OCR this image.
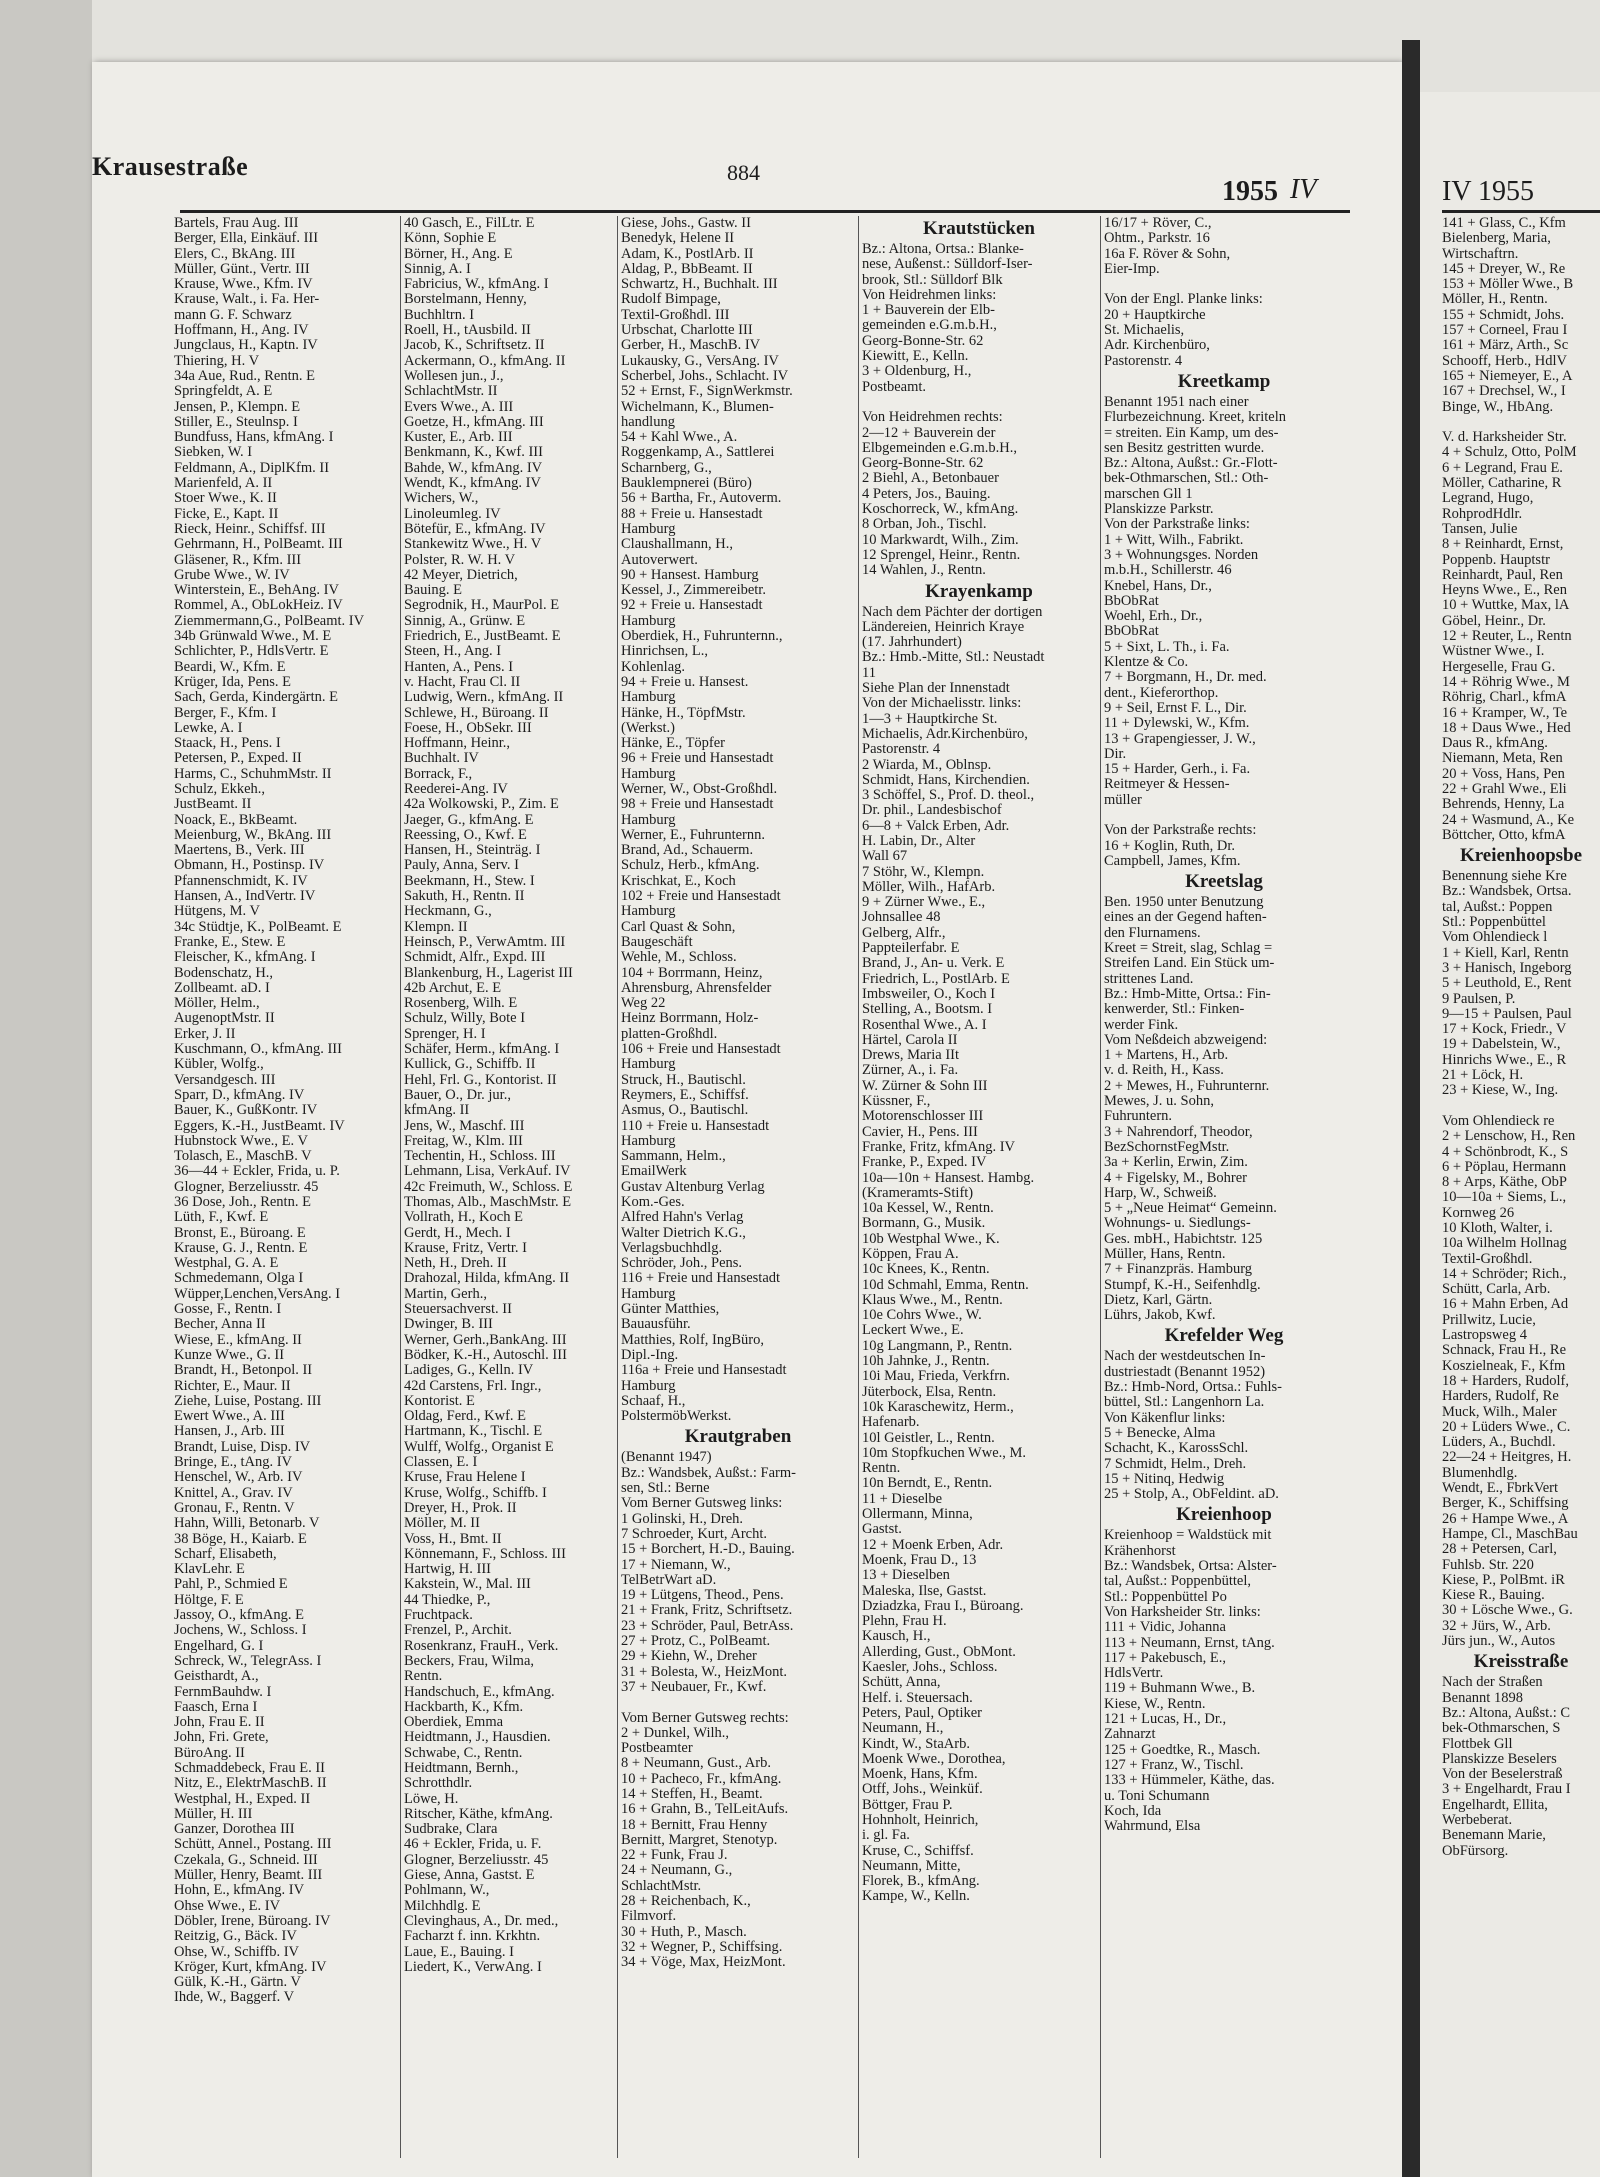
Krausestraße	884
1955 IV	IV 1955
Bartels, Frau Aug. III
Berger, Ella, Einkäuf. III
Elers, C., BkAng. III
Müller, Günt., Vertr. III
Krause, Wwe., Kfm. IV
Krause, Walt., i. Fa. Her-
mann G. F. Schwarz
Hoffmann, H., Ang. IV
Jungclaus, H., Kaptn. IV
Thiering, H. V
34a Aue, Rud., Rentn. E
Springfeldt, A. E
Jensen, P., Klempn. E
Stiller, E., Steulnsp. I
Bundfuss, Hans, kfmAng. I
Siebken, W. I
Feldmann, A., DiplKfm. II
Marienfeld, A. II
Stoer Wwe., K. II
Ficke, E., Kapt. II
Rieck, Heinr., Schiffsf. III
Gehrmann, H., PolBeamt. III
Gläsener, R., Kfm. III
Grube Wwe., W. IV
Winterstein, E., BehAng. IV
Rommel, A., ObLokHeiz. IV
Ziemmermann,G., PolBeamt. IV
34b Grünwald Wwe., M. E
Schlichter, P., HdlsVertr. E
Beardi, W., Kfm. E
Krüger, Ida, Pens. E
Sach, Gerda, Kindergärtn. E
Berger, F., Kfm. I
Lewke, A. I
Staack, H., Pens. I
Petersen, P., Exped. II
Harms, C., SchuhmMstr. II
Schulz, Ekkeh.,
JustBeamt. II
Noack, E., BkBeamt.
Meienburg, W., BkAng. III
Maertens, B., Verk. III
Obmann, H., Postinsp. IV
Pfannenschmidt, K. IV
Hansen, A., IndVertr. IV
Hütgens, M. V
34c Stüdtje, K., PolBeamt. E
Franke, E., Stew. E
Fleischer, K., kfmAng. I
Bodenschatz, H.,
Zollbeamt. aD. I
Möller, Helm.,
AugenoptMstr. II
Erker, J. II
Kuschmann, O., kfmAng. III
Kübler, Wolfg.,
Versandgesch. III
Sparr, D., kfmAng. IV
Bauer, K., GußKontr. IV
Eggers, K.-H., JustBeamt. IV
Hubnstock Wwe., E. V
Tolasch, E., MaschB. V
36—44 + Eckler, Frida, u. P.
Glogner, Berzeliusstr. 45
36 Dose, Joh., Rentn. E
Lüth, F., Kwf. E
Bronst, E., Büroang. E
Krause, G. J., Rentn. E
Westphal, G. A. E
Schmedemann, Olga I
Wüpper,Lenchen,VersAng. I
Gosse, F., Rentn. I
Becher, Anna II
Wiese, E., kfmAng. II
Kunze Wwe., G. II
Brandt, H., Betonpol. II
Richter, E., Maur. II
Ziehe, Luise, Postang. III
Ewert Wwe., A. III
Hansen, J., Arb. III
Brandt, Luise, Disp. IV
Bringe, E., tAng. IV
Henschel, W., Arb. IV
Knittel, A., Grav. IV
Gronau, F., Rentn. V
Hahn, Willi, Betonarb. V
38 Böge, H., Kaiarb. E
Scharf, Elisabeth,
KlavLehr. E
Pahl, P., Schmied E
Höltge, F. E
Jassoy, O., kfmAng. E
Jochens, W., Schloss. I
Engelhard, G. I
Schreck, W., TelegrAss. I
Geisthardt, A.,
FernmBauhdw. I
Faasch, Erna I
John, Frau E. II
John, Fri. Grete,
BüroAng. II
Schmaddebeck, Frau E. II
Nitz, E., ElektrMaschB. II
Westphal, H., Exped. II
Müller, H. III
Ganzer, Dorothea III
Schütt, Annel., Postang. III
Czekala, G., Schneid. III
Müller, Henry, Beamt. III
Hohn, E., kfmAng. IV
Ohse Wwe., E. IV
Döbler, Irene, Büroang. IV
Reitzig, G., Bäck. IV
Ohse, W., Schiffb. IV
Kröger, Kurt, kfmAng. IV
Gülk, K.-H., Gärtn. V
Ihde, W., Baggerf. V
40 Gasch, E., FilLtr. E
Könn, Sophie E
Börner, H., Ang. E
Sinnig, A. I
Fabricius, W., kfmAng. I
Borstelmann, Henny,
Buchhltrn. I
Roell, H., tAusbild. II
Jacob, K., Schriftsetz. II
Ackermann, O., kfmAng. II
Wollesen jun., J.,
SchlachtMstr. II
Evers Wwe., A. III
Goetze, H., kfmAng. III
Kuster, E., Arb. III
Benkmann, K., Kwf. III
Bahde, W., kfmAng. IV
Wendt, K., kfmAng. IV
Wichers, W.,
Linoleumleg. IV
Bötefür, E., kfmAng. IV
Stankewitz Wwe., H. V
Polster, R. W. H. V
42 Meyer, Dietrich,
Bauing. E
Segrodnik, H., MaurPol. E
Sinnig, A., Grünw. E
Friedrich, E., JustBeamt. E
Steen, H., Ang. I
Hanten, A., Pens. I
v. Hacht, Frau Cl. II
Ludwig, Wern., kfmAng. II
Schlewe, H., Büroang. II
Foese, H., ObSekr. III
Hoffmann, Heinr.,
Buchhalt. IV
Borrack, F.,
Reederei-Ang. IV
42a Wolkowski, P., Zim. E
Jaeger, G., kfmAng. E
Reessing, O., Kwf. E
Hansen, H., Steinträg. I
Pauly, Anna, Serv. I
Beekmann, H., Stew. I
Sakuth, H., Rentn. II
Heckmann, G.,
Klempn. II
Heinsch, P., VerwAmtm. III
Schmidt, Alfr., Expd. III
Blankenburg, H., Lagerist III
42b Archut, E. E
Rosenberg, Wilh. E
Schulz, Willy, Bote I
Sprenger, H. I
Schäfer, Herm., kfmAng. I
Kullick, G., Schiffb. II
Hehl, Frl. G., Kontorist. II
Bauer, O., Dr. jur.,
kfmAng. II
Jens, W., Maschf. III
Freitag, W., Klm. III
Techentin, H., Schloss. III
Lehmann, Lisa, VerkAuf. IV
42c Freimuth, W., Schloss. E
Thomas, Alb., MaschMstr. E
Vollrath, H., Koch E
Gerdt, H., Mech. I
Krause, Fritz, Vertr. I
Neth, H., Dreh. II
Drahozal, Hilda, kfmAng. II
Martin, Gerh.,
Steuersachverst. II
Dwinger, B. III
Werner, Gerh.,BankAng. III
Bödker, K.-H., Autoschl. III
Ladiges, G., Kelln. IV
42d Carstens, Frl. Ingr.,
Kontorist. E
Oldag, Ferd., Kwf. E
Hartmann, K., Tischl. E
Wulff, Wolfg., Organist E
Classen, E. I
Kruse, Frau Helene I
Kruse, Wolfg., Schiffb. I
Dreyer, H., Prok. II
Möller, M. II
Voss, H., Bmt. II
Könnemann, F., Schloss. III
Hartwig, H. III
Kakstein, W., Mal. III
44 Thiedke, P.,
Fruchtpack.
Frenzel, P., Archit.
Rosenkranz, FrauH., Verk.
Beckers, Frau, Wilma,
Rentn.
Handschuch, E., kfmAng.
Hackbarth, K., Kfm.
Oberdiek, Emma
Heidtmann, J., Hausdien.
Schwabe, C., Rentn.
Heidtmann, Bernh.,
Schrotthdlr.
Löwe, H.
Ritscher, Käthe, kfmAng.
Sudbrake, Clara
46 + Eckler, Frida, u. F.
Glogner, Berzeliusstr. 45
Giese, Anna, Gastst. E
Pohlmann, W.,
Milchhdlg. E
Clevinghaus, A., Dr. med.,
Facharzt f. inn. Krkhtn.
Laue, E., Bauing. I
Liedert, K., VerwAng. I
Giese, Johs., Gastw. II
Benedyk, Helene II
Adam, K., PostlArb. II
Aldag, P., BbBeamt. II
Schwartz, H., Buchhalt. III
Rudolf Bimpage,
Textil-Großhdl. III
Urbschat, Charlotte III
Gerber, H., MaschB. IV
Lukausky, G., VersAng. IV
Scherbel, Johs., Schlacht. IV
52 + Ernst, F., SignWerkmstr.
Wichelmann, K., Blumen-
handlung
54 + Kahl Wwe., A.
Roggenkamp, A., Sattlerei
Scharnberg, G.,
Bauklempnerei (Büro)
56 + Bartha, Fr., Autoverm.
88 + Freie u. Hansestadt
Hamburg
Claushallmann, H.,
Autoverwert.
90 + Hansest. Hamburg
Kessel, J., Zimmereibetr.
92 + Freie u. Hansestadt
Hamburg
Oberdiek, H., Fuhrunternn.,
Hinrichsen, L.,
Kohlenlag.
94 + Freie u. Hansest.
Hamburg
Hänke, H., TöpfMstr.
(Werkst.)
Hänke, E., Töpfer
96 + Freie und Hansestadt
Hamburg
Werner, W., Obst-Großhdl.
98 + Freie und Hansestadt
Hamburg
Werner, E., Fuhrunternn.
Brand, Ad., Schauerm.
Schulz, Herb., kfmAng.
Krischkat, E., Koch
102 + Freie und Hansestadt
Hamburg
Carl Quast & Sohn,
Baugeschäft
Wehle, M., Schloss.
104 + Borrmann, Heinz,
Ahrensburg, Ahrensfelder
Weg 22
Heinz Borrmann, Holz-
platten-Großhdl.
106 + Freie und Hansestadt
Hamburg
Struck, H., Bautischl.
Reymers, E., Schiffsf.
Asmus, O., Bautischl.
110 + Freie u. Hansestadt
Hamburg
Sammann, Helm.,
EmailWerk
Gustav Altenburg Verlag
Kom.-Ges.
Alfred Hahn's Verlag
Walter Dietrich K.G.,
Verlagsbuchhdlg.
Schröder, Joh., Pens.
116 + Freie und Hansestadt
Hamburg
Günter Matthies,
Bauausführ.
Matthies, Rolf, IngBüro,
Dipl.-Ing.
116a + Freie und Hansestadt
Hamburg
Schaaf, H.,
PolstermöbWerkst.
Krautgraben
(Benannt 1947)
Bz.: Wandsbek, Außst.: Farm-
sen, Stl.: Berne
Vom Berner Gutsweg links:
1 Golinski, H., Dreh.
7 Schroeder, Kurt, Archt.
15 + Borchert, H.-D., Bauing.
17 + Niemann, W.,
TelBetrWart aD.
19 + Lütgens, Theod., Pens.
21 + Frank, Fritz, Schriftsetz.
23 + Schröder, Paul, BetrAss.
27 + Protz, C., PolBeamt.
29 + Kiehn, W., Dreher
31 + Bolesta, W., HeizMont.
37 + Neubauer, Fr., Kwf.
Vom Berner Gutsweg rechts:
2 + Dunkel, Wilh.,
Postbeamter
8 + Neumann, Gust., Arb.
10 + Pacheco, Fr., kfmAng.
14 + Steffen, H., Beamt.
16 + Grahn, B., TelLeitAufs.
18 + Bernitt, Frau Henny
Bernitt, Margret, Stenotyp.
22 + Funk, Frau J.
24 + Neumann, G.,
SchlachtMstr.
28 + Reichenbach, K.,
Filmvorf.
30 + Huth, P., Masch.
32 + Wegner, P., Schiffsing.
34 + Vöge, Max, HeizMont.
Krautstücken
Bz.: Altona, Ortsa.: Blanke-
nese, Außenst.: Sülldorf-Iser-
brook, Stl.: Sülldorf Blk
Von Heidrehmen links:
1 + Bauverein der Elb-
gemeinden e.G.m.b.H.,
Georg-Bonne-Str. 62
Kiewitt, E., Kelln.
3 + Oldenburg, H.,
Postbeamt.
Von Heidrehmen rechts:
2—12 + Bauverein der
Elbgemeinden e.G.m.b.H.,
Georg-Bonne-Str. 62
2 Biehl, A., Betonbauer
4 Peters, Jos., Bauing.
Koschorreck, W., kfmAng.
8 Orban, Joh., Tischl.
10 Markwardt, Wilh., Zim.
12 Sprengel, Heinr., Rentn.
14 Wahlen, J., Rentn.
Krayenkamp
Nach dem Pächter der dortigen
Ländereien, Heinrich Kraye
(17. Jahrhundert)
Bz.: Hmb.-Mitte, Stl.: Neustadt
11
Siehe Plan der Innenstadt
Von der Michaelisstr. links:
1—3 + Hauptkirche St.
Michaelis, Adr.Kirchenbüro,
Pastorenstr. 4
2 Wiarda, M., Oblnsp.
Schmidt, Hans, Kirchendien.
3 Schöffel, S., Prof. D. theol.,
Dr. phil., Landesbischof
6—8 + Valck Erben, Adr.
H. Labin, Dr., Alter
Wall 67
7 Stöhr, W., Klempn.
Möller, Wilh., HafArb.
9 + Zürner Wwe., E.,
Johnsallee 48
Gelberg, Alfr.,
Pappteilerfabr. E
Brand, J., An- u. Verk. E
Friedrich, L., PostlArb. E
Imbsweiler, O., Koch I
Stelling, A., Bootsm. I
Rosenthal Wwe., A. I
Härtel, Carola II
Drews, Maria IIt
Zürner, A., i. Fa.
W. Zürner & Sohn III
Küssner, F.,
Motorenschlosser III
Cavier, H., Pens. III
Franke, Fritz, kfmAng. IV
Franke, P., Exped. IV
10a—10n + Hansest. Hambg.
(Krameramts-Stift)
10a Kessel, W., Rentn.
Bormann, G., Musik.
10b Westphal Wwe., K.
Köppen, Frau A.
10c Knees, K., Rentn.
10d Schmahl, Emma, Rentn.
Klaus Wwe., M., Rentn.
10e Cohrs Wwe., W.
Leckert Wwe., E.
10g Langmann, P., Rentn.
10h Jahnke, J., Rentn.
10i Mau, Frieda, Verkfrn.
Jüterbock, Elsa, Rentn.
10k Karaschewitz, Herm.,
Hafenarb.
10l Geistler, L., Rentn.
10m Stopfkuchen Wwe., M.
Rentn.
10n Berndt, E., Rentn.
11 + Dieselbe
Ollermann, Minna,
Gastst.
12 + Moenk Erben, Adr.
Moenk, Frau D., 13
13 + Dieselben
Maleska, Ilse, Gastst.
Dziadzka, Frau I., Büroang.
Plehn, Frau H.
Kausch, H.,
Allerding, Gust., ObMont.
Kaesler, Johs., Schloss.
Schütt, Anna,
Helf. i. Steuersach.
Peters, Paul, Optiker
Neumann, H.,
Kindt, W., StaArb.
Moenk Wwe., Dorothea,
Moenk, Hans, Kfm.
Otff, Johs., Weinküf.
Böttger, Frau P.
Hohnholt, Heinrich,
i. gl. Fa.
Kruse, C., Schiffsf.
Neumann, Mitte,
Florek, B., kfmAng.
Kampe, W., Kelln.
16/17 + Röver, C.,
Ohtm., Parkstr. 16
16a F. Röver & Sohn,
Eier-Imp.
Von der Engl. Planke links:
20 + Hauptkirche
St. Michaelis,
Adr. Kirchenbüro,
Pastorenstr. 4
Kreetkamp
Benannt 1951 nach einer
Flurbezeichnung. Kreet, kriteln
= streiten. Ein Kamp, um des-
sen Besitz gestritten wurde.
Bz.: Altona, Außst.: Gr.-Flott-
bek-Othmarschen, Stl.: Oth-
marschen Gll 1
Planskizze Parkstr.
Von der Parkstraße links:
1 + Witt, Wilh., Fabrikt.
3 + Wohnungsges. Norden
m.b.H., Schillerstr. 46
Knebel, Hans, Dr.,
BbObRat
Woehl, Erh., Dr.,
BbObRat
5 + Sixt, L. Th., i. Fa.
Klentze & Co.
7 + Borgmann, H., Dr. med.
dent., Kieferorthop.
9 + Seil, Ernst F. L., Dir.
11 + Dylewski, W., Kfm.
13 + Grapengiesser, J. W.,
Dir.
15 + Harder, Gerh., i. Fa.
Reitmeyer & Hessen-
müller
Von der Parkstraße rechts:
16 + Koglin, Ruth, Dr.
Campbell, James, Kfm.
Kreetslag
Ben. 1950 unter Benutzung
eines an der Gegend haften-
den Flurnamens.
Kreet = Streit, slag, Schlag =
Streifen Land. Ein Stück um-
strittenes Land.
Bz.: Hmb-Mitte, Ortsa.: Fin-
kenwerder, Stl.: Finken-
werder Fink.
Vom Neßdeich abzweigend:
1 + Martens, H., Arb.
v. d. Reith, H., Kass.
2 + Mewes, H., Fuhrunternr.
Mewes, J. u. Sohn,
Fuhruntern.
3 + Nahrendorf, Theodor,
BezSchornstFegMstr.
3a + Kerlin, Erwin, Zim.
4 + Figelsky, M., Bohrer
Harp, W., Schweiß.
5 + „Neue Heimat“ Gemeinn.
Wohnungs- u. Siedlungs-
Ges. mbH., Habichtstr. 125
Müller, Hans, Rentn.
7 + Finanzpräs. Hamburg
Stumpf, K.-H., Seifenhdlg.
Dietz, Karl, Gärtn.
Lührs, Jakob, Kwf.
Krefelder Weg
Nach der westdeutschen In-
dustriestadt (Benannt 1952)
Bz.: Hmb-Nord, Ortsa.: Fuhls-
büttel, Stl.: Langenhorn La.
Von Käkenflur links:
5 + Benecke, Alma
Schacht, K., KarossSchl.
7 Schmidt, Helm., Dreh.
15 + Nitinq, Hedwig
25 + Stolp, A., ObFeldint. aD.
Kreienhoop
Kreienhoop = Waldstück mit
Krähenhorst
Bz.: Wandsbek, Ortsa: Alster-
tal, Außst.: Poppenbüttel,
Stl.: Poppenbüttel Po
Von Harksheider Str. links:
111 + Vidic, Johanna
113 + Neumann, Ernst, tAng.
117 + Pakebusch, E.,
HdlsVertr.
119 + Buhmann Wwe., B.
Kiese, W., Rentn.
121 + Lucas, H., Dr.,
Zahnarzt
125 + Goedtke, R., Masch.
127 + Franz, W., Tischl.
133 + Hümmeler, Käthe, das.
u. Toni Schumann
Koch, Ida
Wahrmund, Elsa
141 + Glass, C., Kfm
Bielenberg, Maria,
Wirtschaftrn.
145 + Dreyer, W., Re
153 + Möller Wwe., B
Möller, H., Rentn.
155 + Schmidt, Johs.
157 + Corneel, Frau I
161 + März, Arth., Sc
Schooff, Herb., HdlV
165 + Niemeyer, E., A
167 + Drechsel, W., I
Binge, W., HbAng.
V. d. Harksheider Str.
4 + Schulz, Otto, PolM
6 + Legrand, Frau E.
Möller, Catharine, R
Legrand, Hugo,
RohprodHdlr.
Tansen, Julie
8 + Reinhardt, Ernst,
Poppenb. Hauptstr
Reinhardt, Paul, Ren
Heyns Wwe., E., Ren
10 + Wuttke, Max, lA
Göbel, Heinr., Dr.
12 + Reuter, L., Rentn
Wüstner Wwe., I.
Hergeselle, Frau G.
14 + Röhrig Wwe., M
Röhrig, Charl., kfmA
16 + Kramper, W., Te
18 + Daus Wwe., Hed
Daus R., kfmAng.
Niemann, Meta, Ren
20 + Voss, Hans, Pen
22 + Grahl Wwe., Eli
Behrends, Henny, La
24 + Wasmund, A., Ke
Böttcher, Otto, kfmA
Kreienhoopsbe
Benennung siehe Kre
Bz.: Wandsbek, Ortsa.
tal, Außst.: Poppen
Stl.: Poppenbüttel
Vom Ohlendieck l
1 + Kiell, Karl, Rentn
3 + Hanisch, Ingeborg
5 + Leuthold, E., Rent
9 Paulsen, P.
9—15 + Paulsen, Paul
17 + Kock, Friedr., V
19 + Dabelstein, W.,
Hinrichs Wwe., E., R
21 + Löck, H.
23 + Kiese, W., Ing.
Vom Ohlendieck re
2 + Lenschow, H., Ren
4 + Schönbrodt, K., S
6 + Pöplau, Hermann
8 + Arps, Käthe, ObP
10—10a + Siems, L.,
Kornweg 26
10 Kloth, Walter, i.
10a Wilhelm Hollnag
Textil-Großhdl.
14 + Schröder; Rich.,
Schütt, Carla, Arb.
16 + Mahn Erben, Ad
Prillwitz, Lucie,
Lastropsweg 4
Schnack, Frau H., Re
Koszielneak, F., Kfm
18 + Harders, Rudolf,
Harders, Rudolf, Re
Muck, Wilh., Maler
20 + Lüders Wwe., C.
Lüders, A., Buchdl.
22—24 + Heitgres, H.
Blumenhdlg.
Wendt, E., FbrkVert
Berger, K., Schiffsing
26 + Hampe Wwe., A
Hampe, Cl., MaschBau
28 + Petersen, Carl,
Fuhlsb. Str. 220
Kiese, P., PolBmt. iR
Kiese R., Bauing.
30 + Lösche Wwe., G.
32 + Jürs, W., Arb.
Jürs jun., W., Autos
Kreisstraße
Nach der Straßen
Benannt 1898
Bz.: Altona, Außst.: C
bek-Othmarschen, S
Flottbek Gll
Planskizze Beselers
Von der Beselerstraß
3 + Engelhardt, Frau I
Engelhardt, Ellita,
Werbeberat.
Benemann Marie,
ObFürsorg.
